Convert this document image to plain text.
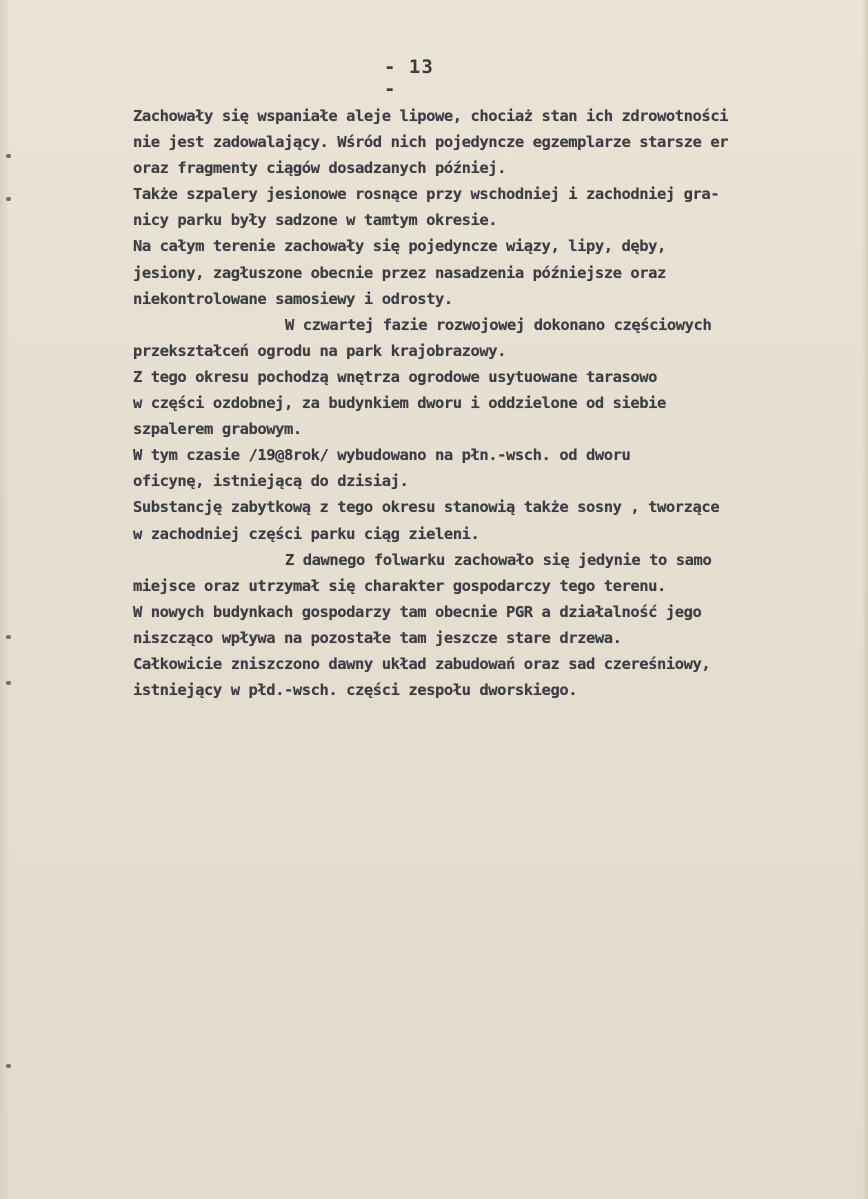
- 13 -
Zachowały się wspaniałe aleje lipowe, chociaż stan ich zdrowotności
nie jest zadowalający. Wśród nich pojedyncze egzemplarze starsze er
oraz fragmenty ciągów dosadzanych później.
Także szpalery jesionowe rosnące przy wschodniej i zachodniej gra-
nicy parku były sadzone w tamtym okresie.
Na całym terenie zachowały się pojedyncze wiązy, lipy, dęby,
jesiony, zagłuszone obecnie przez nasadzenia późniejsze oraz
niekontrolowane samosiewy i odrosty.
W czwartej fazie rozwojowej dokonano częściowych
przekształceń ogrodu na park krajobrazowy.
Z tego okresu pochodzą wnętrza ogrodowe usytuowane tarasowo
w części ozdobnej, za budynkiem dworu i oddzielone od siebie
szpalerem grabowym.
W tym czasie /19@8rok/ wybudowano na płn.-wsch. od dworu
oficynę, istniejącą do dzisiaj.
Substancję zabytkową z tego okresu stanowią także sosny , tworzące
w zachodniej części parku ciąg zieleni.
Z dawnego folwarku zachowało się jedynie to samo
miejsce oraz utrzymał się charakter gospodarczy tego terenu.
W nowych budynkach gospodarzy tam obecnie PGR a działalność jego
niszcząco wpływa na pozostałe tam jeszcze stare drzewa.
Całkowicie zniszczono dawny układ zabudowań oraz sad czereśniowy,
istniejący w płd.-wsch. części zespołu dworskiego.
